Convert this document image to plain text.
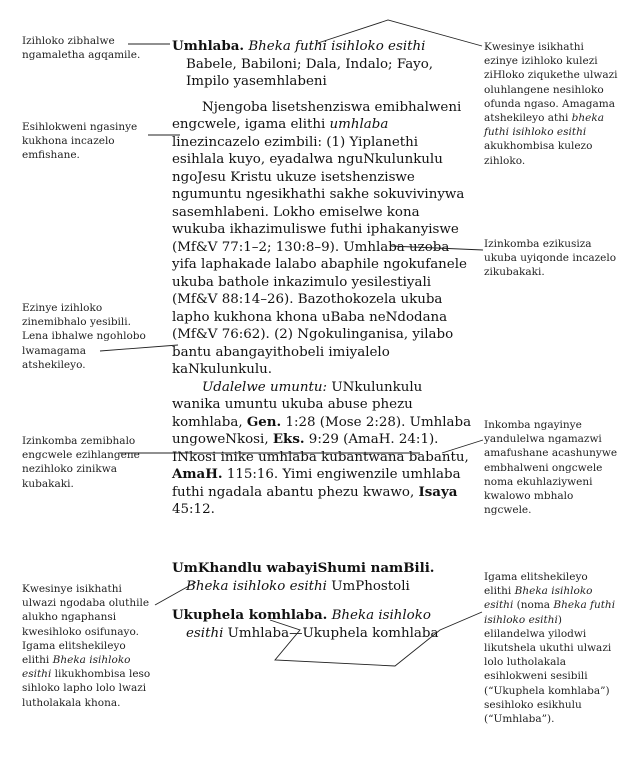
Izihloko zibhalwe ngamaletha agqamile.
Esihlokweni ngasinye kukhona incazelo emfishane.
Ezinye izihloko zinemibhalo yesibili. Lena ibhalwe ngohlobo lwamagama atshekileyo.
Izinkomba zemibhalo engcwele ezihlangene nezihloko zinikwa kubakaki.
Kwesinye isikhathi ulwazi ngodaba oluthile alukho ngaphansi kwesihloko osifunayo. Igama elitshekileyo elithi Bheka isihloko esithi likukhombisa leso sihloko lapho lolo lwazi lutholakala khona.
Kwesinye isikhathi ezinye izihloko kulezi ziHloko ziqukethe ulwazi oluhlangene nesihloko ofunda ngaso. Amagama atshekileyo athi bheka futhi isihloko esithi akukhombisa kulezo zihloko.
Izinkomba ezikusiza ukuba uyiqonde incazelo zikubakaki.
Inkomba ngayinye yandulelwa ngamazwi amafushane acashunywe embhalweni ongcwele noma ekuhlaziyweni kwalowo mbhalo ngcwele.
Igama elitshekileyo elithi Bheka isihloko esithi (noma Bheka futhi isihloko esithi) elilandelwa yilodwi likutshela ukuthi ulwazi lolo lutholakala esihlokweni sesibili (“Ukuphela komhlaba”) sesihloko esikhulu (“Umhlaba”).

Umhlaba. Bheka futhi isihloko esithi Babele, Babiloni; Dala, Indalo; Fayo, Impilo yasemhlabeni

Njengoba lisetshenziswa emibhalweni engcwele, igama elithi umhlaba linezincazelo ezimbili: (1) Yiplanethi esihlala kuyo, eyadalwa nguNkulunkulu ngoJesu Kristu ukuze isetshenziswe ngumuntu ngesikhathi sakhe sokuvivinywa sasemhlabeni. Lokho emiselwe kona wukuba ikhazimuliswe futhi iphakanyiswe (Mf&V 77:1–2; 130:8–9). Umhlaba uzoba yifa laphakade lalabo abaphile ngokufanele ukuba bathole inkazimulo yesilestiyali (Mf&V 88:14–26). Bazothokozela ukuba lapho kukhona khona uBaba neNdodana (Mf&V 76:62). (2) Ngokulinganisa, yilabo bantu abangayithobeli imiyalelo kaNkulunkulu.

Udalelwe umuntu: UNkulunkulu wanika umuntu ukuba abuse phezu komhlaba, Gen. 1:28 (Mose 2:28). Umhlaba ungoweNkosi, Eks. 9:29 (AmaH. 24:1). INkosi inike umhlaba kubantwana babantu, AmaH. 115:16. Yimi engiwenzile umhlaba futhi ngadala abantu phezu kwawo, Isaya 45:12.

UmKhandlu wabayiShumi namBili.
Bheka isihloko esithi UmPhostoli

Ukuphela komhlaba. Bheka isihloko esithi Umhlaba—Ukuphela komhlaba
